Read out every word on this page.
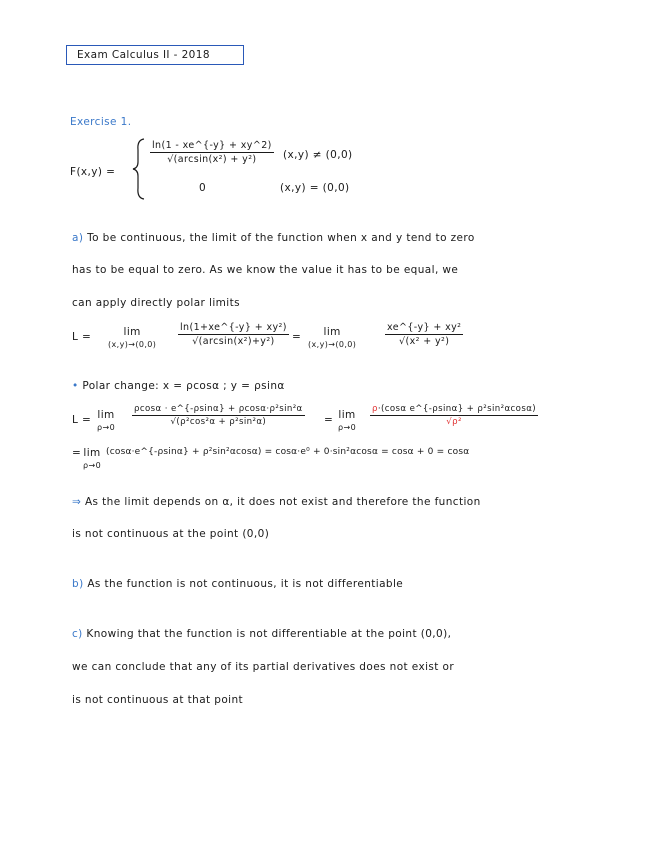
Exam Calculus II - 2018
Exercise 1.
F(x,y) =
$\frac{\ln(1 - xe\^{}\{-y\} + xy\^{}2)}{\text{√(arcsin(x²) + y²)}} (x,y) \ne (0,0)$
0	(x,y) = (0,0)
a) To be continuous, the limit of the function when x and y tend to zero
has to be equal to zero. As we know the value it has to be equal, we
can apply directly polar limits
L =	lim
$(x,y)\to(0,0) \frac{\text{ln(1+xe\textasciicircum{}\{-y\} + xy²)}}{\text{√(arcsin(x²)+y²)}}$ =	lim
(x,y)→(0,0)	$\frac{\text{xe\textasciicircum{}\{-y\} + xy²}}{\text{√(x² + y²)}}$
• Polar change: x = ρcosα ; y = ρsinα
L = lim
ρ→0
$\frac{\text{ρcosα · e\textasciicircum{}\{-ρsinα\} + ρcosα·ρ²sin²α}}{\text{√(ρ²cos²α + ρ²sin²α)}} = \lim$
ρ→0
$\frac{\text{ρ·(cosα e\textasciicircum{}\{-ρsinα\} + ρ²sin²αcosα)}}{\text{√ρ²}}$
= lim
ρ→0
(cosα·e^{-ρsinα} + ρ²sin²αcosα) = cosα·e⁰ + 0·sin²αcosα = cosα + 0 = cosα
⇒ As the limit depends on α, it does not exist and therefore the function
is not continuous at the point (0,0)
b) As the function is not continuous, it is not differentiable
c) Knowing that the function is not differentiable at the point (0,0),
we can conclude that any of its partial derivatives does not exist or
is not continuous at that point
